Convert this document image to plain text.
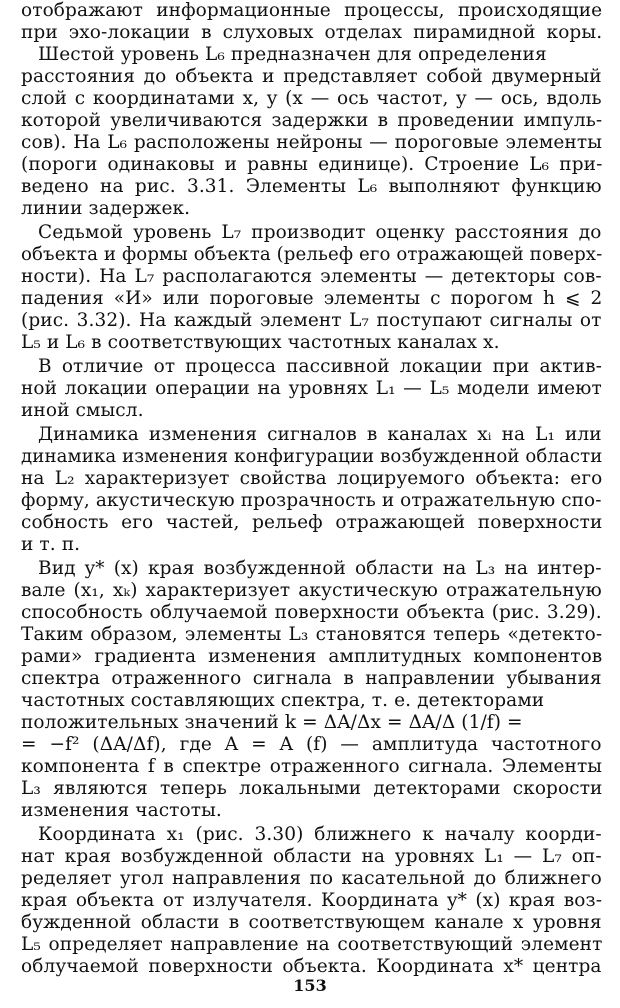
отображают информационные процессы, происходящие
при эхо-локации в слуховых отделах пирамидной коры.
Шестой уровень L₆ предназначен для определения
расстояния до объекта и представляет собой двумерный
слой с координатами x, y (x — ось частот, y — ось, вдоль
которой увеличиваются задержки в проведении импуль-
сов). На L₆ расположены нейроны — пороговые элементы
(пороги одинаковы и равны единице). Строение L₆ при-
ведено на рис. 3.31. Элементы L₆ выполняют функцию
линии задержек.
Седьмой уровень L₇ производит оценку расстояния до
объекта и формы объекта (рельеф его отражающей поверх-
ности). На L₇ располагаются элементы — детекторы сов-
падения «И» или пороговые элементы с порогом h ⩽ 2
(рис. 3.32). На каждый элемент L₇ поступают сигналы от
L₅ и L₆ в соответствующих частотных каналах x.
В отличие от процесса пассивной локации при актив-
ной локации операции на уровнях L₁ — L₅ модели имеют
иной смысл.
Динамика изменения сигналов в каналах xᵢ на L₁ или
динамика изменения конфигурации возбужденной области
на L₂ характеризует свойства лоцируемого объекта: его
форму, акустическую прозрачность и отражательную спо-
собность его частей, рельеф отражающей поверхности
и т. п.
Вид y* (x) края возбужденной области на L₃ на интер-
вале (x₁, xₖ) характеризует акустическую отражательную
способность облучаемой поверхности объекта (рис. 3.29).
Таким образом, элементы L₃ становятся теперь «детекто-
рами» градиента изменения амплитудных компонентов
спектра отраженного сигнала в направлении убывания
частотных составляющих спектра, т. е. детекторами
положительных значений k = ΔA/Δx = ΔA/Δ (1/f) =
= −f² (ΔA/Δf), где A = A (f) — амплитуда частотного
компонента f в спектре отраженного сигнала. Элементы
L₃ являются теперь локальными детекторами скорости
изменения частоты.
Координата x₁ (рис. 3.30) ближнего к началу коорди-
нат края возбужденной области на уровнях L₁ — L₇ оп-
ределяет угол направления по касательной до ближнего
края объекта от излучателя. Координата y* (x) края воз-
бужденной области в соответствующем канале x уровня
L₅ определяет направление на соответствующий элемент
облучаемой поверхности объекта. Координата x* центра
153
